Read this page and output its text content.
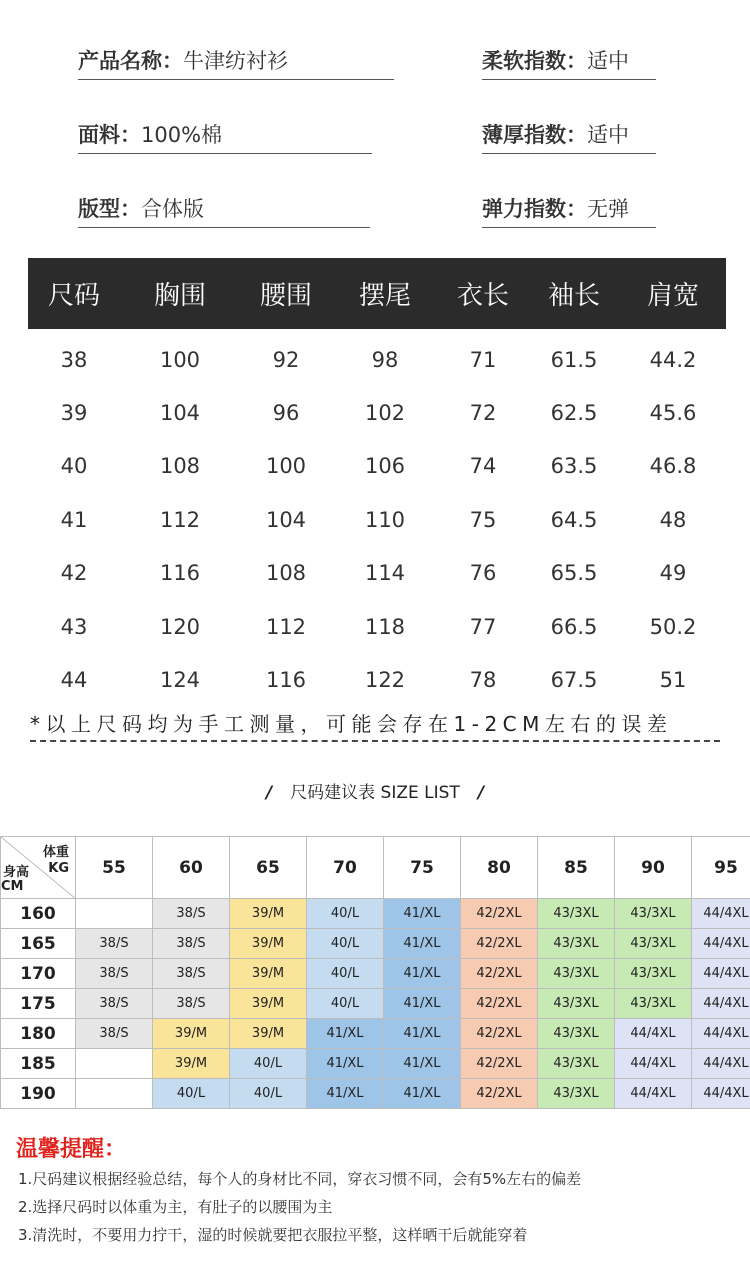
产品名称： 牛津纺衬衫	柔软指数： 适中
面料： 100%棉	薄厚指数： 适中
版型： 合体版	弹力指数： 无弹
尺码	胸围	腰围	摆尾	衣长	袖长	肩宽
38	100	92	98	71	61.5	44.2
39	104	96	102	72	62.5	45.6
40	108	100	106	74	63.5	46.8
41	112	104	110	75	64.5	48
42	116	108	114	76	65.5	49
43	120	112	118	77	66.5	50.2
44	124	116	122	78	67.5	51
*以上尺码均为手工测量，可能会存在1-2CM左右的误差
/ 尺码建议表 SIZE LIST /
体重
KG
身高
CM	55	60	65	70	75	80	85	90	95
160		38/S	39/M	40/L	41/XL	42/2XL	43/3XL	43/3XL	44/4XL
165	38/S	38/S	39/M	40/L	41/XL	42/2XL	43/3XL	43/3XL	44/4XL
170	38/S	38/S	39/M	40/L	41/XL	42/2XL	43/3XL	43/3XL	44/4XL
175	38/S	38/S	39/M	40/L	41/XL	42/2XL	43/3XL	43/3XL	44/4XL
180	38/S	39/M	39/M	41/XL	41/XL	42/2XL	43/3XL	44/4XL	44/4XL
185		39/M	40/L	41/XL	41/XL	42/2XL	43/3XL	44/4XL	44/4XL
190		40/L	40/L	41/XL	41/XL	42/2XL	43/3XL	44/4XL	44/4XL
温馨提醒：
1.尺码建议根据经验总结，每个人的身材比不同，穿衣习惯不同，会有5%左右的偏差
2.选择尺码时以体重为主，有肚子的以腰围为主
3.清洗时，不要用力拧干，湿的时候就要把衣服拉平整，这样晒干后就能穿着
